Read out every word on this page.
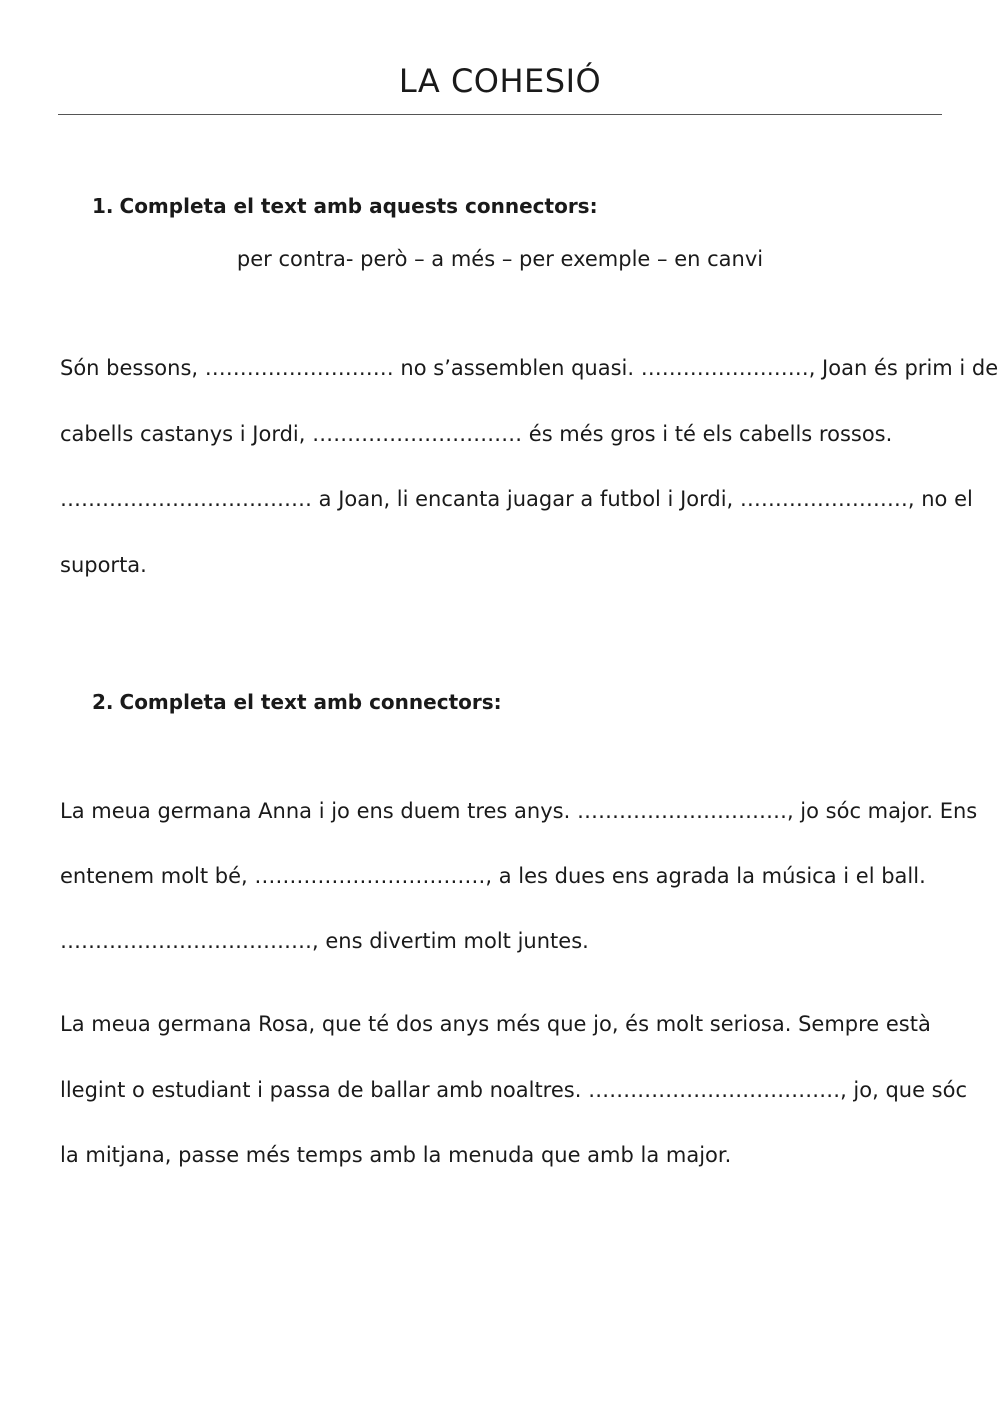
LA COHESIÓ

1. Completa el text amb aquests connectors:

per contra- però – a més – per exemple – en canvi

Són bessons, ……………………… no s’assemblen quasi. ……………………, Joan és prim i de

cabells castanys i Jordi, ………………………… és més gros i té els cabells rossos.

……………………………… a Joan, li encanta juagar a futbol i Jordi, ……………………, no el

suporta.

2. Completa el text amb connectors:

La meua germana Anna i jo ens duem tres anys. …………………………, jo sóc major. Ens

entenem molt bé, ……………………………, a les dues ens agrada la música i el ball.

………………………………, ens divertim molt juntes.

La meua germana Rosa, que té dos anys més que jo, és molt seriosa. Sempre està

llegint o estudiant i passa de ballar amb noaltres. ………………………………, jo, que sóc

la mitjana, passe més temps amb la menuda que amb la major.
